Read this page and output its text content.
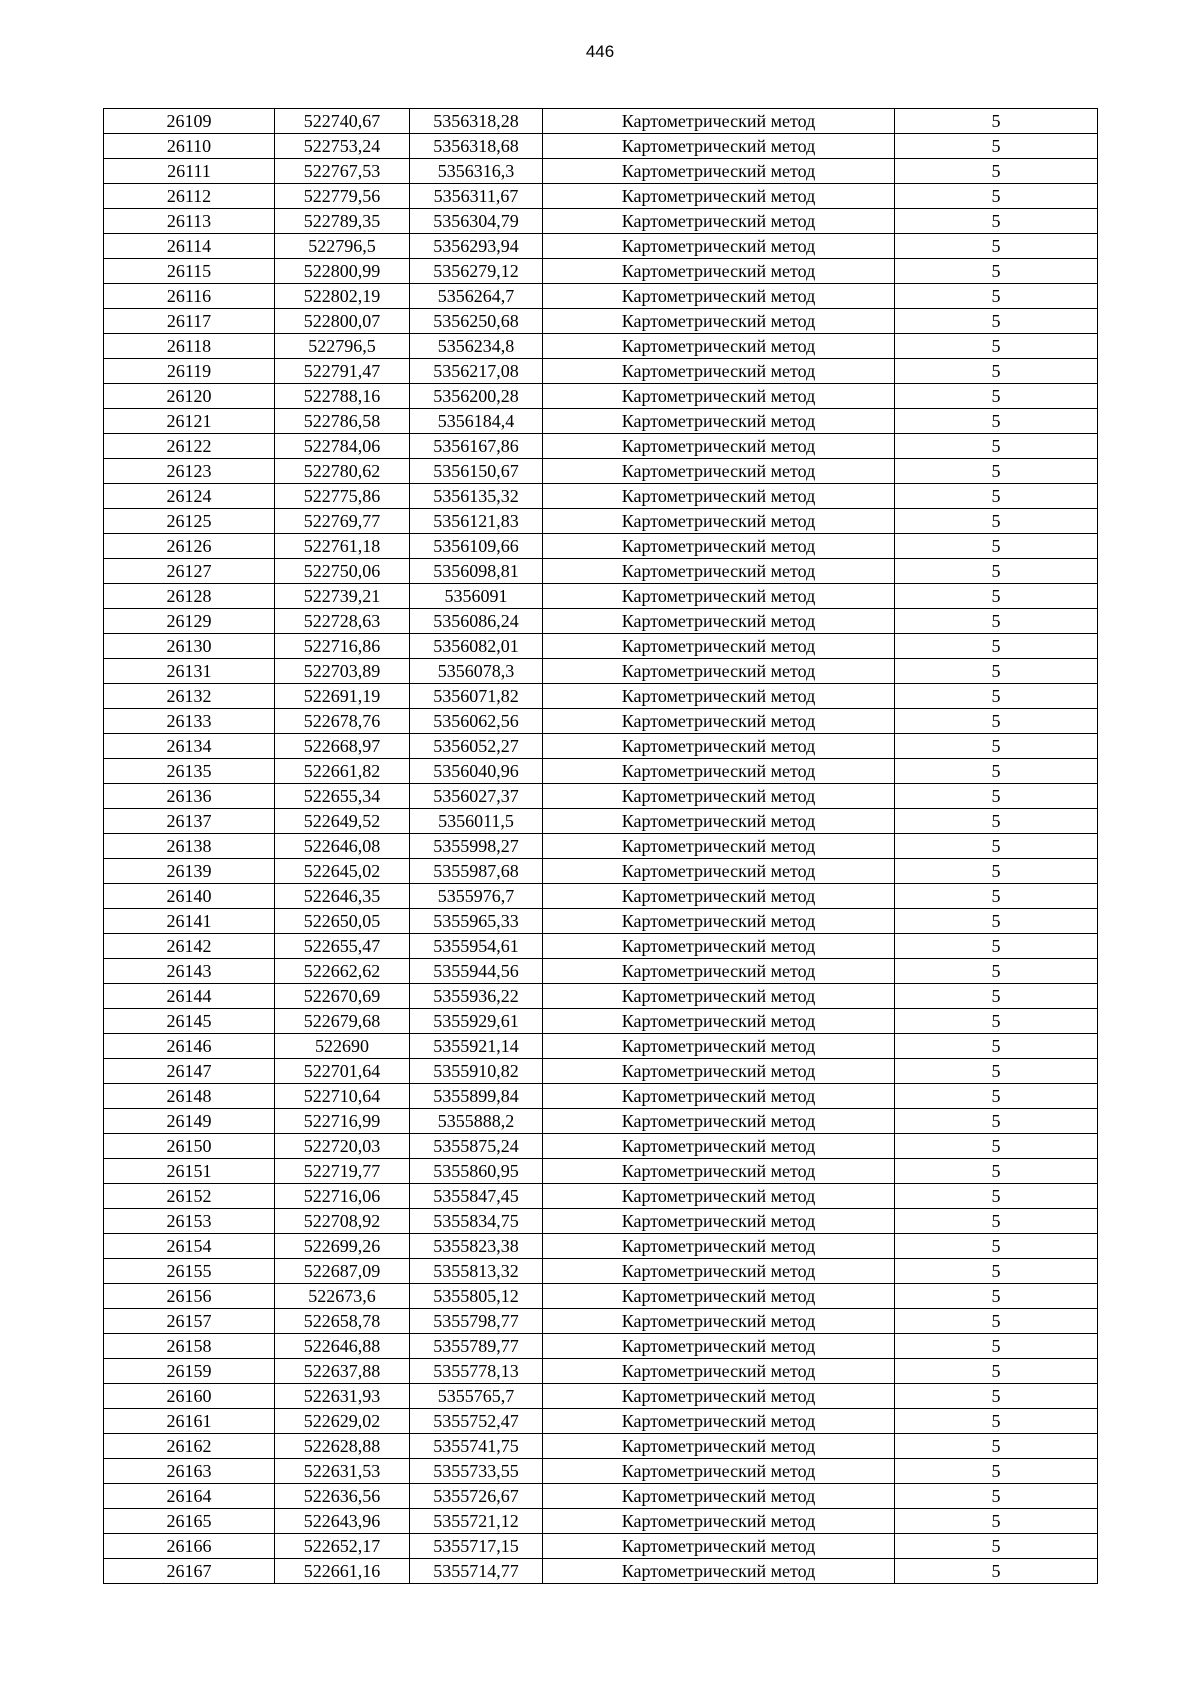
446
26109	522740,67	5356318,28	Картометрический метод	5
26110	522753,24	5356318,68	Картометрический метод	5
26111	522767,53	5356316,3	Картометрический метод	5
26112	522779,56	5356311,67	Картометрический метод	5
26113	522789,35	5356304,79	Картометрический метод	5
26114	522796,5	5356293,94	Картометрический метод	5
26115	522800,99	5356279,12	Картометрический метод	5
26116	522802,19	5356264,7	Картометрический метод	5
26117	522800,07	5356250,68	Картометрический метод	5
26118	522796,5	5356234,8	Картометрический метод	5
26119	522791,47	5356217,08	Картометрический метод	5
26120	522788,16	5356200,28	Картометрический метод	5
26121	522786,58	5356184,4	Картометрический метод	5
26122	522784,06	5356167,86	Картометрический метод	5
26123	522780,62	5356150,67	Картометрический метод	5
26124	522775,86	5356135,32	Картометрический метод	5
26125	522769,77	5356121,83	Картометрический метод	5
26126	522761,18	5356109,66	Картометрический метод	5
26127	522750,06	5356098,81	Картометрический метод	5
26128	522739,21	5356091	Картометрический метод	5
26129	522728,63	5356086,24	Картометрический метод	5
26130	522716,86	5356082,01	Картометрический метод	5
26131	522703,89	5356078,3	Картометрический метод	5
26132	522691,19	5356071,82	Картометрический метод	5
26133	522678,76	5356062,56	Картометрический метод	5
26134	522668,97	5356052,27	Картометрический метод	5
26135	522661,82	5356040,96	Картометрический метод	5
26136	522655,34	5356027,37	Картометрический метод	5
26137	522649,52	5356011,5	Картометрический метод	5
26138	522646,08	5355998,27	Картометрический метод	5
26139	522645,02	5355987,68	Картометрический метод	5
26140	522646,35	5355976,7	Картометрический метод	5
26141	522650,05	5355965,33	Картометрический метод	5
26142	522655,47	5355954,61	Картометрический метод	5
26143	522662,62	5355944,56	Картометрический метод	5
26144	522670,69	5355936,22	Картометрический метод	5
26145	522679,68	5355929,61	Картометрический метод	5
26146	522690	5355921,14	Картометрический метод	5
26147	522701,64	5355910,82	Картометрический метод	5
26148	522710,64	5355899,84	Картометрический метод	5
26149	522716,99	5355888,2	Картометрический метод	5
26150	522720,03	5355875,24	Картометрический метод	5
26151	522719,77	5355860,95	Картометрический метод	5
26152	522716,06	5355847,45	Картометрический метод	5
26153	522708,92	5355834,75	Картометрический метод	5
26154	522699,26	5355823,38	Картометрический метод	5
26155	522687,09	5355813,32	Картометрический метод	5
26156	522673,6	5355805,12	Картометрический метод	5
26157	522658,78	5355798,77	Картометрический метод	5
26158	522646,88	5355789,77	Картометрический метод	5
26159	522637,88	5355778,13	Картометрический метод	5
26160	522631,93	5355765,7	Картометрический метод	5
26161	522629,02	5355752,47	Картометрический метод	5
26162	522628,88	5355741,75	Картометрический метод	5
26163	522631,53	5355733,55	Картометрический метод	5
26164	522636,56	5355726,67	Картометрический метод	5
26165	522643,96	5355721,12	Картометрический метод	5
26166	522652,17	5355717,15	Картометрический метод	5
26167	522661,16	5355714,77	Картометрический метод	5
